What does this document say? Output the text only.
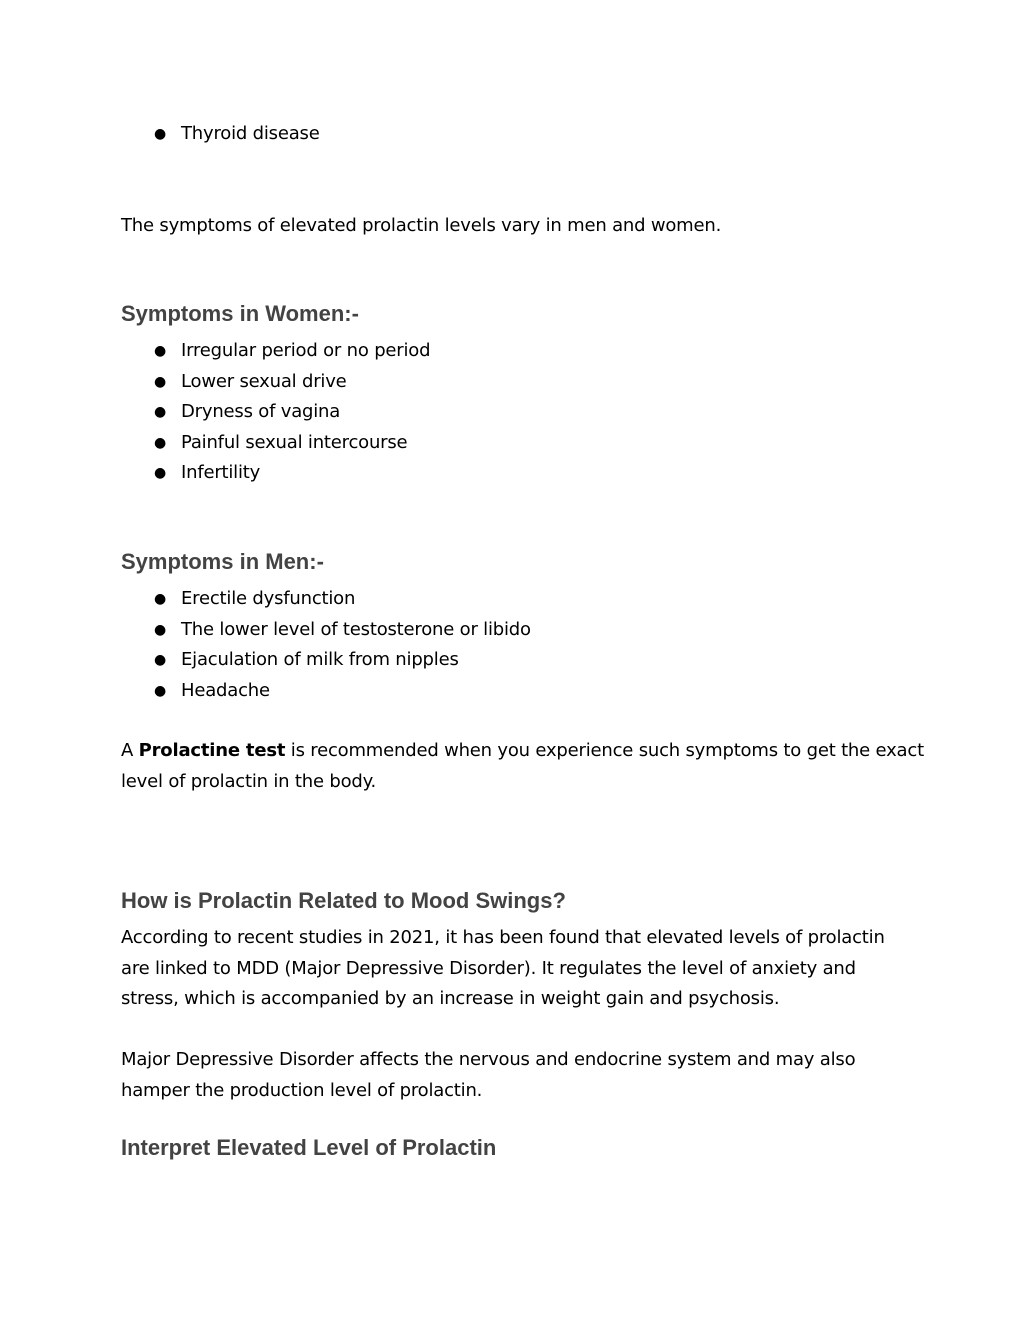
● Thyroid disease

The symptoms of elevated prolactin levels vary in men and women.

Symptoms in Women:-
● Irregular period or no period
● Lower sexual drive
● Dryness of vagina
● Painful sexual intercourse
● Infertility
Symptoms in Men:-
● Erectile dysfunction
● The lower level of testosterone or libido
● Ejaculation of milk from nipples
● Headache

A Prolactine test is recommended when you experience such symptoms to get the exact
level of prolactin in the body.

How is Prolactin Related to Mood Swings?

According to recent studies in 2021, it has been found that elevated levels of prolactin
are linked to MDD (Major Depressive Disorder). It regulates the level of anxiety and
stress, which is accompanied by an increase in weight gain and psychosis.

Major Depressive Disorder affects the nervous and endocrine system and may also
hamper the production level of prolactin.

Interpret Elevated Level of Prolactin
